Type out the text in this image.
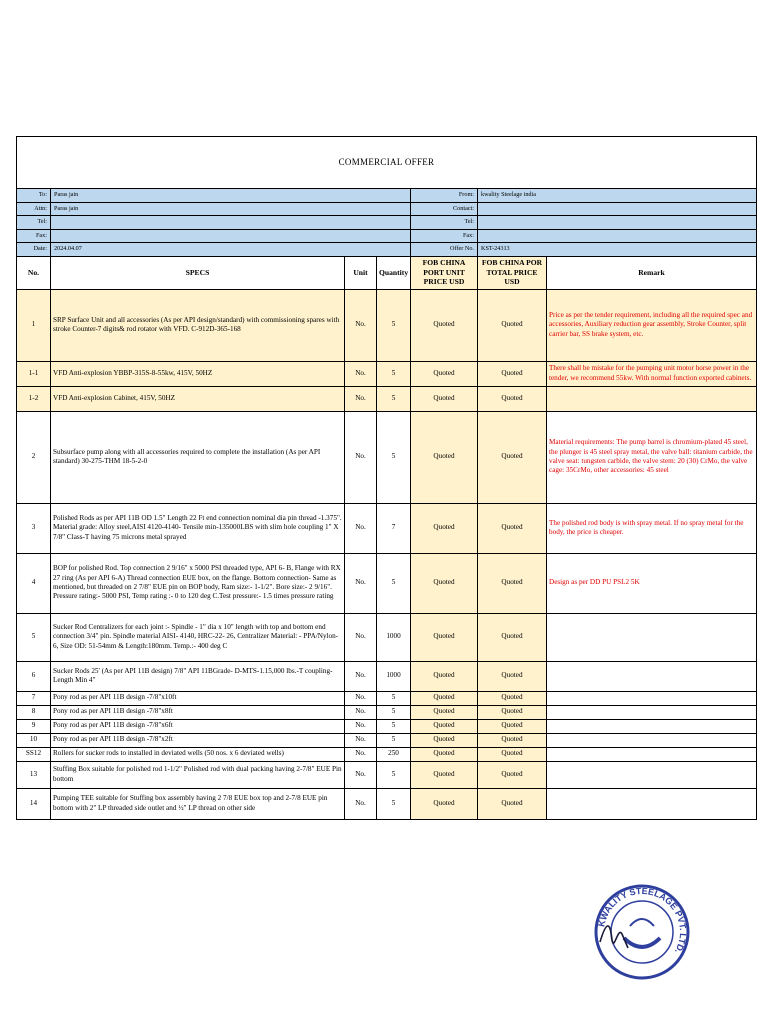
COMMERCIAL OFFER						
To:	Paras jain			From:	kwality Steelage india	
Attn:	Paras jain			Contact:		
Tel:				Tel:		
Fax:				Fax:		
Date:	2024.04.07			Offer No.	KST-24313	
No.	SPECS	Unit	Quantity	FOB CHINA PORT UNIT PRICE USD	FOB CHINA POR TOTAL PRICE USD	Remark
1	SRP Surface Unit and all accessories (As per API design/standard) with commissioning spares with stroke Counter-7 digits& rod rotator with VFD. C-912D-365-168	No.	5	Quoted	Quoted	Price as per the tender requirement, including all the required spec and accessories, Auxiliary reduction gear assembly, Stroke Counter, split carrier bar, SS brake system, etc.
1-1	VFD Anti-explosion YBBP-315S-8-55kw, 415V, 50HZ	No.	5	Quoted	Quoted	There shall be mistake for the pumping unit motor horse power in the tender, we recommend 55kw. With normal function exported cabinets.
1-2	VFD Anti-explosion Cabinet, 415V, 50HZ	No.	5	Quoted	Quoted	
2	Subsurface pump along with all accessories required to complete the installation (As per API standard) 30-275-THM 18-5-2-0	No.	5	Quoted	Quoted	Material requirements: The pump barrel is chromium-plated 45 steel, the plunger is 45 steel spray metal, the valve ball: titanium carbide, the valve seat: tungsten carbide, the valve stem: 20 (30) CrMo, the valve cage: 35CrMo, other accessories: 45 steel
3	Polished Rods as per API 11B OD 1.5" Length 22 Ft end connection nominal dia pin thread -1.375". Material grade: Alloy steel,AISI 4120-4140- Tensile min-135000LBS with slim hole coupling 1" X 7/8" Class-T having 75 microns metal sprayed	No.	7	Quoted	Quoted	The polished rod body is with spray metal. If no spray metal for the body, the price is cheaper.
4	BOP for polished Rod. Top connection 2 9/16" x 5000 PSI threaded type, API 6- B, Flange with RX 27 ring (As per API 6-A) Thread connection EUE box, on the flange. Bottom connection- Same as mentioned, but threaded on 2 7/8" EUE pin on BOP body, Ram size:- 1-1/2". Bore size:- 2 9/16". Pressure rating:- 5000 PSI, Temp rating :- 0 to 120 deg C.Test pressure:- 1.5 times pressure rating	No.	5	Quoted	Quoted	Design as per DD PU PSL2 5K
5	Sucker Rod Centralizers for each joint :- Spindle - 1" dia x 10" length with top and bottom end connection 3/4" pin. Spindle material AISI- 4140, HRC-22- 26, Centralizer Material: - PPA/Nylon-6, Size OD: 51-54mm & Length:180mm. Temp.:- 400 deg C	No.	1000	Quoted	Quoted	
6	Sucker Rods 25' (As per API 11B design) 7/8" API 11BGrade- D-MTS-1.15,000 lbs.-T coupling-Length Min 4"	No.	1000	Quoted	Quoted	
7	Pony rod as per API 11B design -7/8"x10ft	No.	5	Quoted	Quoted	
8	Pony rod as per API 11B design -7/8"x8ft	No.	5	Quoted	Quoted	
9	Pony rod as per API 11B design -7/8"x6ft	No.	5	Quoted	Quoted	
10	Pony rod as per API 11B design -7/8"x2ft	No.	5	Quoted	Quoted	
SS12	Rollers for sucker rods to installed in deviated wells (50 nos. x 6 deviated wells)	No.	250	Quoted	Quoted	
13	Stuffing Box suitable for polished rod 1-1/2" Polished rod with dual packing having 2-7/8" EUE Pin bottom	No.	5	Quoted	Quoted	
14	Pumping TEE suitable for Stuffing box assembly having 2 7/8 EUE box top and 2-7/8 EUE pin bottom with 2" LP threaded side outlet and ½" LP thread on other side	No.	5	Quoted	Quoted	
KWALITY STEELAGE PVT. LTD.
